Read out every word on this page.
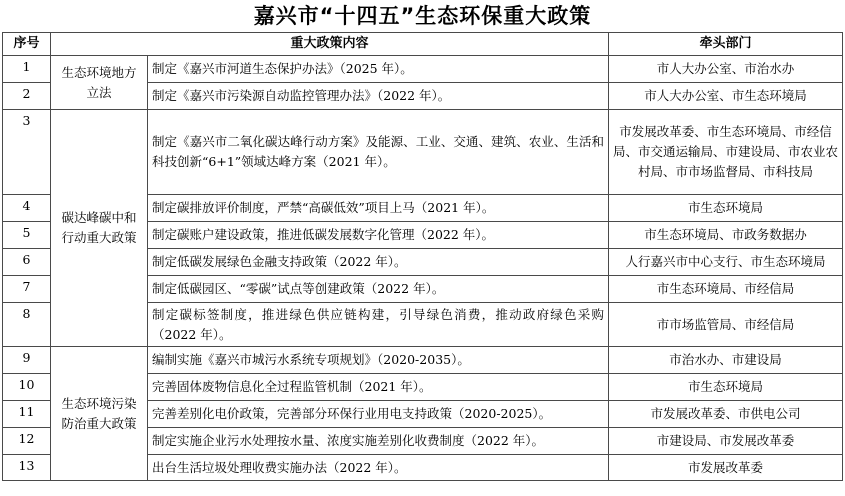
嘉兴市“十四五”生态环保重大政策
序号	重大政策内容		牵头部门
1	生态环境地方立法	制定《嘉兴市河道生态保护办法》（2025 年）。	市人大办公室、市治水办
2		制定《嘉兴市污染源自动监控管理办法》（2022 年）。	市人大办公室、市生态环境局
3	碳达峰碳中和行动重大政策	制定《嘉兴市二氧化碳达峰行动方案》及能源、工业、交通、建筑、农业、生活和科技创新“6+1”领域达峰方案（2021 年）。	市发展改革委、市生态环境局、市经信局、市交通运输局、市建设局、市农业农村局、市市场监督局、市科技局
4		制定碳排放评价制度，严禁“高碳低效”项目上马（2021 年）。	市生态环境局
5		制定碳账户建设政策，推进低碳发展数字化管理（2022 年）。	市生态环境局、市政务数据办
6		制定低碳发展绿色金融支持政策（2022 年）。	人行嘉兴市中心支行、市生态环境局
7		制定低碳园区、“零碳”试点等创建政策（2022 年）。	市生态环境局、市经信局
8		制定碳标签制度，推进绿色供应链构建，引导绿色消费，推动政府绿色采购（2022 年）。	市市场监管局、市经信局
9	生态环境污染防治重大政策	编制实施《嘉兴市城污水系统专项规划》（2020-2035）。	市治水办、市建设局
10		完善固体废物信息化全过程监管机制（2021 年）。	市生态环境局
11		完善差别化电价政策，完善部分环保行业用电支持政策（2020-2025）。	市发展改革委、市供电公司
12		制定实施企业污水处理按水量、浓度实施差别化收费制度（2022 年）。	市建设局、市发展改革委
13		出台生活垃圾处理收费实施办法（2022 年）。	市发展改革委
